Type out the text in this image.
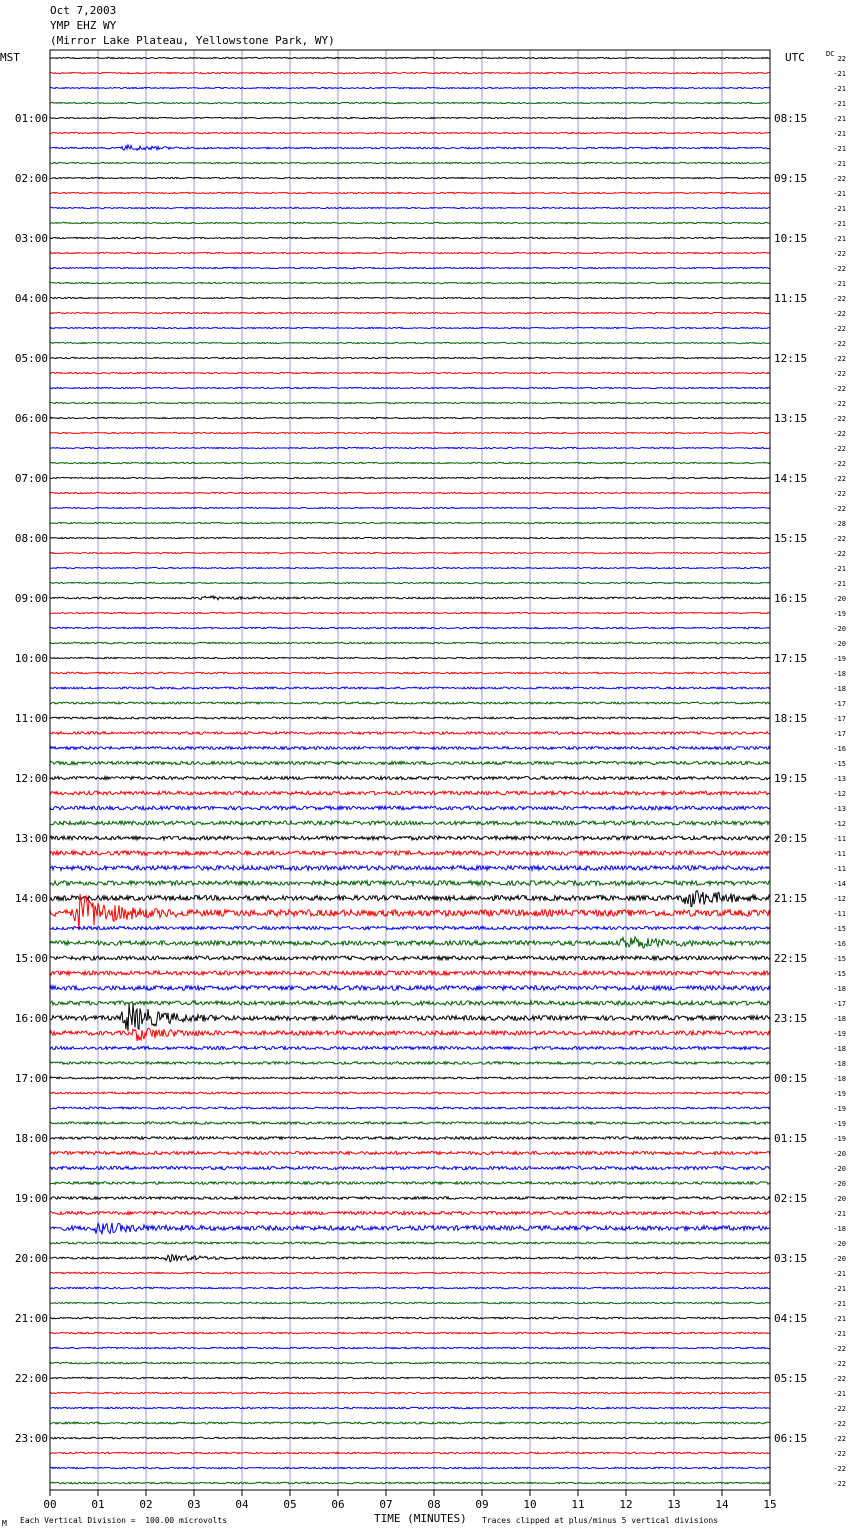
Oct 7,2003
YMP EHZ WY
(Mirror Lake Plateau, Yellowstone Park, WY)
MST	UTC	DC
01:00
02:00
03:00
04:00
05:00
06:00
07:00
08:00
09:00
10:00
11:00
12:00
13:00
14:00
15:00
16:00
17:00
18:00
19:00
20:00
21:00
22:00
23:00
08:15
09:15
10:15
11:15
12:15
13:15
14:15
15:15
16:15
17:15
18:15
19:15
20:15
21:15
22:15
23:15
00:15
01:15
02:15
03:15
04:15
05:15
06:15
22
-21
-21
-21
-21
-21
-21
-21
-22
-21
-21
-21
-21
-22
-22
-21
-22
-22
-22
-22
-22
-22
-22
-22
-22
-22
-22
-22
-22
-22
-22
-28
-22
-22
-21
-21
-20
-19
-20
-20
-19
-18
-18
-17
-17
-17
-16
-15
-13
-12
-13
-12
-11
-11
-11
-14
-12
-11
-15
-16
-15
-15
-18
-17
-18
-19
-18
-18
-18
-19
-19
-19
-19
-20
-20
-20
-20
-21
-18
-20
-20
-21
-21
-21
-21
-21
-22
-22
-22
-21
-22
-22
-22
-22
-22
-22
00	01	02	03	04	05	06	07	08	09	10	11	12	13	14	15
M Each Vertical Division =  100.00 microvolts	TIME (MINUTES) Traces clipped at plus/minus 5 vertical divisions
